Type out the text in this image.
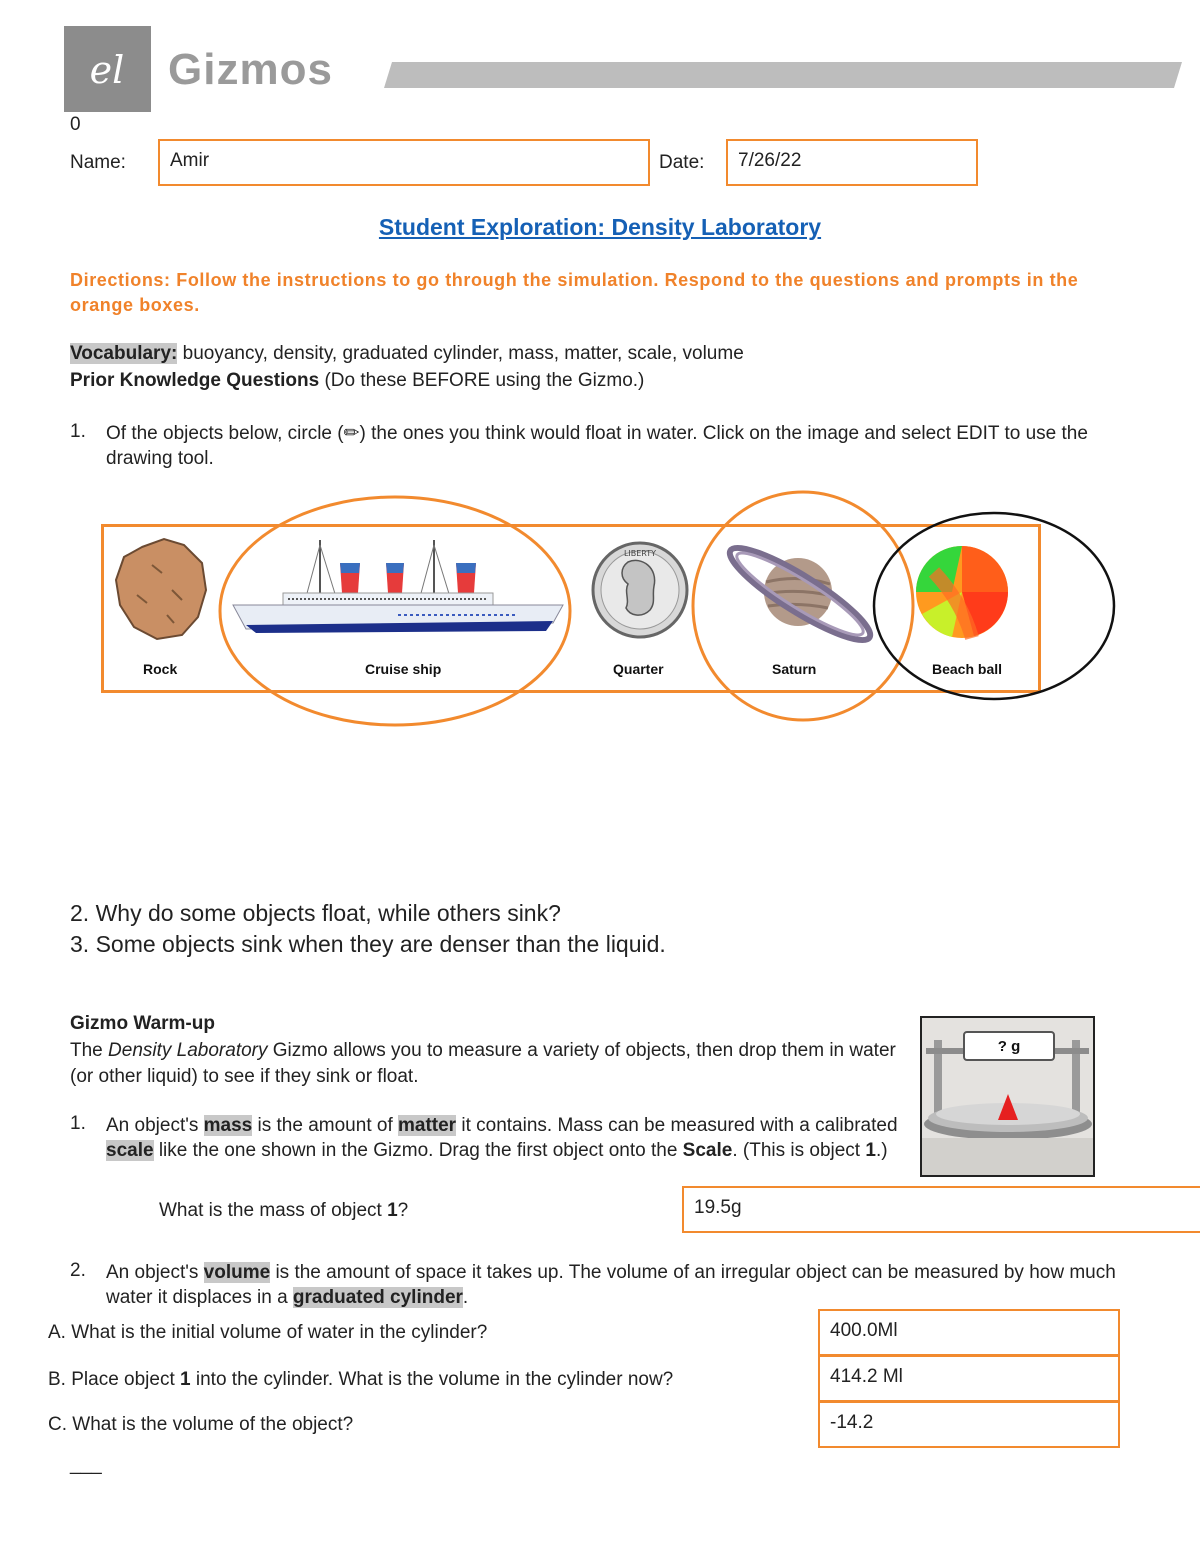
el Gizmos
0
Name:	Amir	Date:	7/26/22
Student Exploration: Density Laboratory
Directions: Follow the instructions to go through the simulation. Respond to the questions and prompts in the orange boxes.
Vocabulary: buoyancy, density, graduated cylinder, mass, matter, scale, volume
Prior Knowledge Questions (Do these BEFORE using the Gizmo.)
1. Of the objects below, circle (✏) the ones you think would float in water. Click on the image and select EDIT to use the drawing tool.
Rock	Cruise ship
LIBERTY
Quarter	Saturn	Beach ball
2. Why do some objects float, while others sink?
3. Some objects sink when they are denser than the liquid.
Gizmo Warm-up
The Density Laboratory Gizmo allows you to measure a variety of objects, then drop them in water (or other liquid) to see if they sink or float.
? g
1. An object's mass is the amount of matter it contains. Mass can be measured with a calibrated scale like the one shown in the Gizmo. Drag the first object onto the Scale. (This is object 1.)
What is the mass of object 1?	19.5g
2. An object's volume is the amount of space it takes up. The volume of an irregular object can be measured by how much water it displaces in a graduated cylinder.
A. What is the initial volume of water in the cylinder?	400.0Ml
B. Place object 1 into the cylinder. What is the volume in the cylinder now?	414.2 Ml
C. What is the volume of the object?	-14.2
___
